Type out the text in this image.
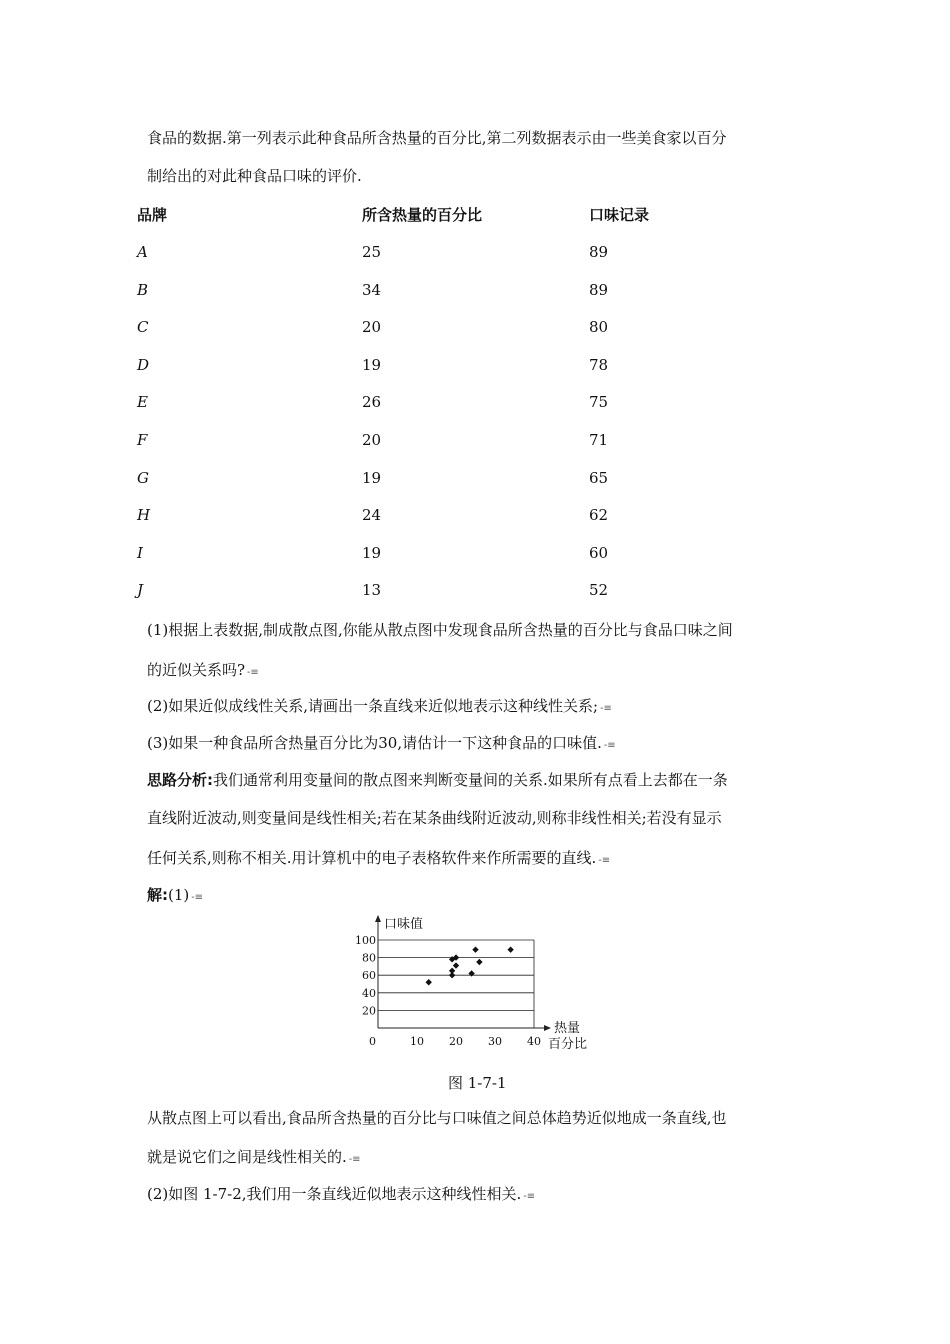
食品的数据.第一列表示此种食品所含热量的百分比,第二列数据表示由一些美食家以百分
制给出的对此种食品口味的评价.
品牌	所含热量的百分比	口味记录
A	25	89
B	34	89
C	20	80
D	19	78
E	26	75
F	20	71
G	19	65
H	24	62
I	19	60
J	13	52
(1)根据上表数据,制成散点图,你能从散点图中发现食品所含热量的百分比与食品口味之间
的近似关系吗? -≡
(2)如果近似成线性关系,请画出一条直线来近似地表示这种线性关系; -≡
(3)如果一种食品所含热量百分比为30,请估计一下这种食品的口味值. -≡
思路分析:我们通常利用变量间的散点图来判断变量间的关系.如果所有点看上去都在一条
直线附近波动,则变量间是线性相关;若在某条曲线附近波动,则称非线性相关;若没有显示
任何关系,则称不相关.用计算机中的电子表格软件来作所需要的直线. -≡
解:(1) -≡
20
40
60
80
100
0	10 20 30 40
口味值
热量
百分比
图 1-7-1
从散点图上可以看出,食品所含热量的百分比与口味值之间总体趋势近似地成一条直线,也
就是说它们之间是线性相关的. -≡
(2)如图 1-7-2,我们用一条直线近似地表示这种线性相关. -≡
